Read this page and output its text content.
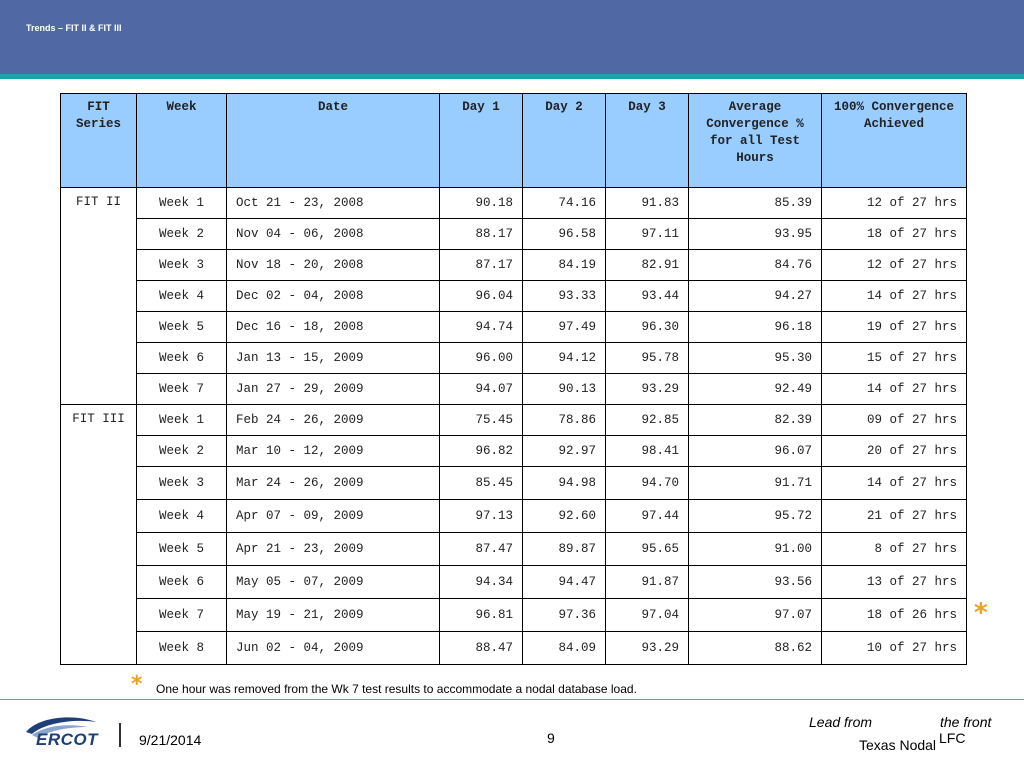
Trends – FIT II & FIT III
FIT Series	Week	Date	Day 1	Day 2	Day 3	Average Convergence % for all Test Hours	100% Convergence Achieved
FIT II	Week 1	Oct 21 - 23, 2008	90.18	74.16	91.83	85.39	12 of 27 hrs
	Week 2	Nov 04 - 06, 2008	88.17	96.58	97.11	93.95	18 of 27 hrs
	Week 3	Nov 18 - 20, 2008	87.17	84.19	82.91	84.76	12 of 27 hrs
	Week 4	Dec 02 - 04, 2008	96.04	93.33	93.44	94.27	14 of 27 hrs
	Week 5	Dec 16 - 18, 2008	94.74	97.49	96.30	96.18	19 of 27 hrs
	Week 6	Jan 13 - 15, 2009	96.00	94.12	95.78	95.30	15 of 27 hrs
	Week 7	Jan 27 - 29, 2009	94.07	90.13	93.29	92.49	14 of 27 hrs
FIT III	Week 1	Feb 24 - 26, 2009	75.45	78.86	92.85	82.39	09 of 27 hrs
	Week 2	Mar 10 - 12, 2009	96.82	92.97	98.41	96.07	20 of 27 hrs
	Week 3	Mar 24 - 26, 2009	85.45	94.98	94.70	91.71	14 of 27 hrs
	Week 4	Apr 07 - 09, 2009	97.13	92.60	97.44	95.72	21 of 27 hrs
	Week 5	Apr 21 - 23, 2009	87.47	89.87	95.65	91.00	8 of 27 hrs
	Week 6	May 05 - 07, 2009	94.34	94.47	91.87	93.56	13 of 27 hrs
	Week 7	May 19 - 21, 2009	96.81	97.36	97.04	97.07	18 of 26 hrs
	Week 8	Jun 02 - 04, 2009	88.47	84.09	93.29	88.62	10 of 27 hrs
*
* One hour was removed from the Wk 7 test results to accommodate a nodal database load.
ERCOT	9/21/2014	9
Lead from	the front
Texas Nodal LFC
